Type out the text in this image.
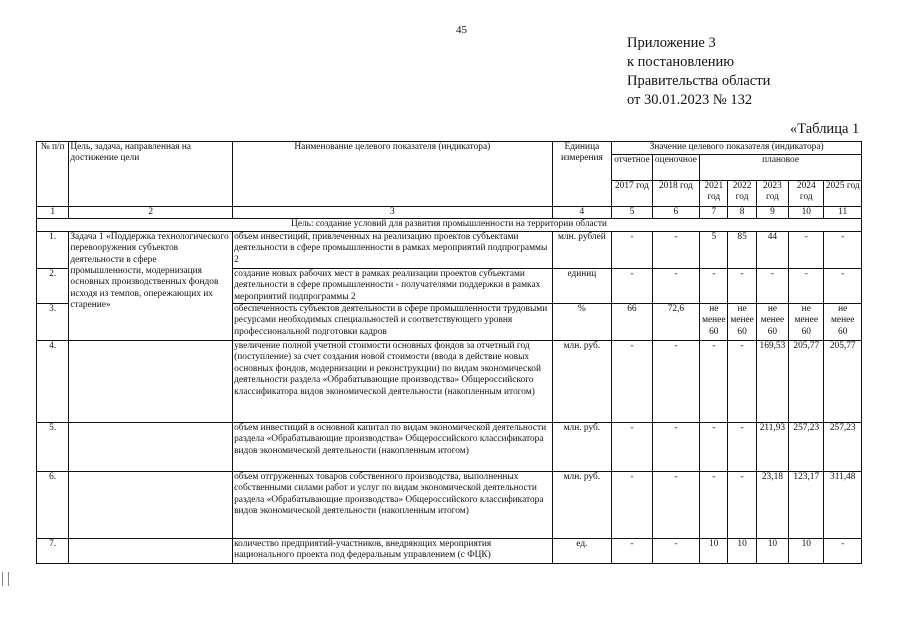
45
Приложение 3
к постановлению
Правительства области
от 30.01.2023 № 132
«Таблица 1
№ п/п	Цель, задача, направленная на достижение цели	Наименование целевого показателя (индикатора)	Единица измерения	Значение целевого показателя (индикатора)						
				отчетное	оценочное	плановое				
				2017 год	2018 год	2021 год	2022 год	2023 год	2024 год	2025 год
1	2	3	4	5	6	7	8	9	10	11
Цель: создание условий для развития промышленности на территории области										
1.	Задача 1 «Поддержка технологического перевооружения субъектов деятельности в сфере промышленности, модернизация основных производственных фондов исходя из темпов, опережающих их старение»	объем инвестиций, привлеченных на реализацию проектов субъектами деятельности в сфере промышленности в рамках мероприятий подпрограммы 2	млн. рублей	-	-	5	85	44	-	-
2.		создание новых рабочих мест в рамках реализации проектов субъектами деятельности в сфере промышленности - получателями поддержки в рамках мероприятий подпрограммы 2	единиц	-	-	-	-	-	-	-
3.		обеспеченность субъектов деятельности в сфере промышленности трудовыми ресурсами необходимых специальностей и соответствующего уровня профессиональной подготовки кадров	%	66	72,6	не менее 60	не менее 60	не менее 60	не менее 60	не менее 60
4.		увеличение полной учетной стоимости основных фондов за отчетный год (поступление) за счет создания новой стоимости (ввода в действие новых основных фондов, модернизации и реконструкции) по видам экономической деятельности раздела «Обрабатывающие производства» Общероссийского классификатора видов экономической деятельности (накопленным итогом)	млн. руб.	-	-	-	-	169,53	205,77	205,77
5.		объем инвестиций в основной капитал по видам экономической деятельности раздела «Обрабатывающие производства» Общероссийского классификатора видов экономической деятельности (накопленным итогом)	млн. руб.	-	-	-	-	211,93	257,23	257,23
6.		объем отгруженных товаров собственного производства, выполненных собственными силами работ и услуг по видам экономической деятельности раздела «Обрабатывающие производства» Общероссийского классификатора видов экономической деятельности (накопленным итогом)	млн. руб.	-	-	-	-	23,18	123,17	311,48
7.		количество предприятий-участников, внедряющих мероприятия национального проекта под федеральным управлением (с ФЦК)	ед.	-	-	10	10	10	10	-
